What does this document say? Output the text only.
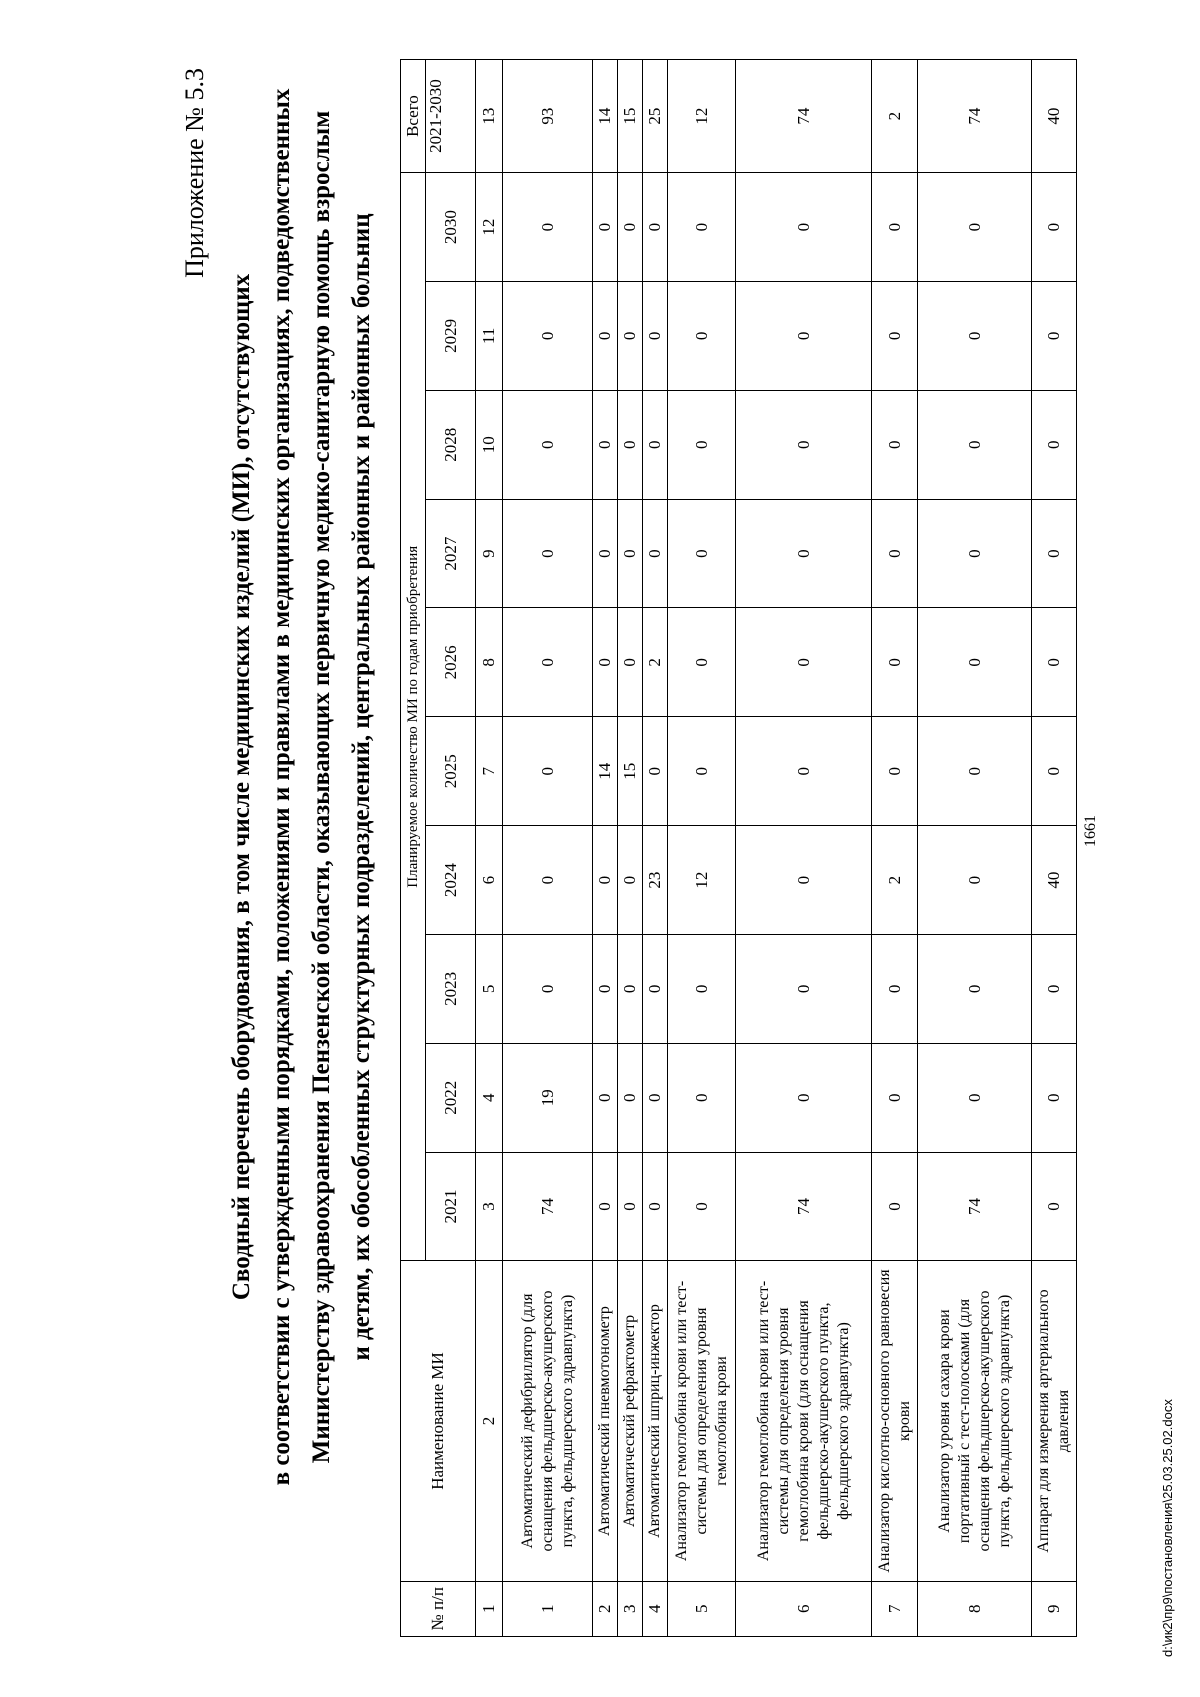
1661
Приложение № 5.3
Сводный перечень оборудования, в том числе медицинских изделий (МИ), отсутствующих в соответствии с утвержденными порядками, положениями и правилами в медицинских организациях, подведомственных Министерству здравоохранения Пензенской области, оказывающих первичную медико-санитарную помощь взрослым и детям, их обособленных структурных подразделений, центральных районных и районных больниц
№ п/п	Наименование МИ	Планируемое количество МИ по годам приобретения										Всего
		2021	2022	2023	2024	2025	2026	2027	2028	2029	2030	2021-2030
1	2	3	4	5	6	7	8	9	10	11	12	13
1	Автоматический дефибриллятор (для оснащения фельдшерско-акушерского пункта, фельдшерского здравпункта)	74	19	0	0	0	0	0	0	0	0	93
2	Автоматический пневмотонометр	0	0	0	0	14	0	0	0	0	0	14
3	Автоматический рефрактометр	0	0	0	0	15	0	0	0	0	0	15
4	Автоматический шприц-инжектор	0	0	0	23	0	2	0	0	0	0	25
5	Анализатор гемоглобина крови или тест-системы для определения уровня гемоглобина крови	0	0	0	12	0	0	0	0	0	0	12
6	Анализатор гемоглобина крови или тест-системы для определения уровня гемоглобина крови (для оснащения фельдшерско-акушерского пункта, фельдшерского здравпункта)	74	0	0	0	0	0	0	0	0	0	74
7	Анализатор кислотно-основного равновесия крови	0	0	0	2	0	0	0	0	0	0	2
8	Анализатор уровня сахара крови портативный с тест-полосками (для оснащения фельдшерско-акушерского пункта, фельдшерского здравпункта)	74	0	0	0	0	0	0	0	0	0	74
9	Аппарат для измерения артериального давления	0	0	0	40	0	0	0	0	0	0	40
d:\ик2\пр9\постановления\25.03.25.02.docx
